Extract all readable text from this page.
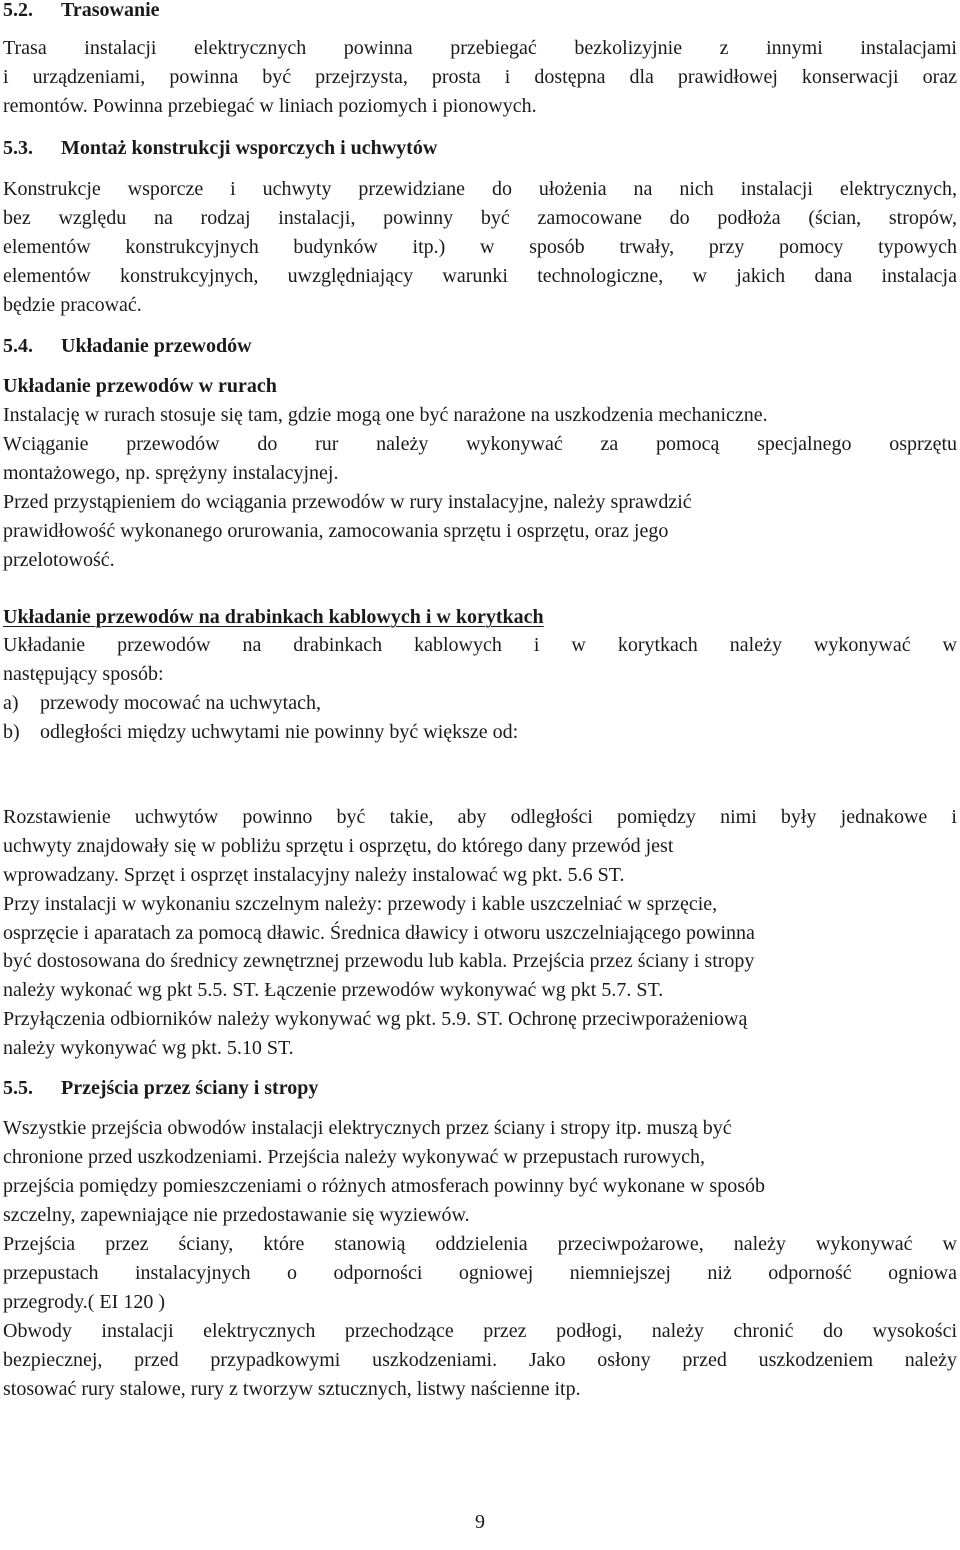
5.2. Trasowanie

Trasa instalacji elektrycznych powinna przebiegać bezkolizyjnie z innymi instalacjami

i urządzeniami, powinna być przejrzysta, prosta i dostępna dla prawidłowej konserwacji oraz

remontów. Powinna przebiegać w liniach poziomych i pionowych.

5.3. Montaż konstrukcji wsporczych i uchwytów

Konstrukcje wsporcze i uchwyty przewidziane do ułożenia na nich instalacji elektrycznych,

bez względu na rodzaj instalacji, powinny być zamocowane do podłoża (ścian, stropów,

elementów konstrukcyjnych budynków itp.) w sposób trwały, przy pomocy typowych

elementów konstrukcyjnych, uwzględniający warunki technologiczne, w jakich dana instalacja

będzie pracować.

5.4. Układanie przewodów

Układanie przewodów w rurach

Instalację w rurach stosuje się tam, gdzie mogą one być narażone na uszkodzenia mechaniczne.

Wciąganie przewodów do rur należy wykonywać za pomocą specjalnego osprzętu

montażowego, np. sprężyny instalacyjnej.

Przed przystąpieniem do wciągania przewodów w rury instalacyjne, należy sprawdzić

prawidłowość wykonanego orurowania, zamocowania sprzętu i osprzętu, oraz jego

przelotowość.

Układanie przewodów na drabinkach kablowych i w korytkach

Układanie przewodów na drabinkach kablowych i w korytkach należy wykonywać w

następujący sposób:

a) przewody mocować na uchwytach,

b) odległości między uchwytami nie powinny być większe od:

Rozstawienie uchwytów powinno być takie, aby odległości pomiędzy nimi były jednakowe i

uchwyty znajdowały się w pobliżu sprzętu i osprzętu, do którego dany przewód jest

wprowadzany. Sprzęt i osprzęt instalacyjny należy instalować wg pkt. 5.6 ST.

Przy instalacji w wykonaniu szczelnym należy: przewody i kable uszczelniać w sprzęcie,

osprzęcie i aparatach za pomocą dławic. Średnica dławicy i otworu uszczelniającego powinna

być dostosowana do średnicy zewnętrznej przewodu lub kabla. Przejścia przez ściany i stropy

należy wykonać wg pkt 5.5. ST. Łączenie przewodów wykonywać wg pkt 5.7. ST.

Przyłączenia odbiorników należy wykonywać wg pkt. 5.9. ST. Ochronę przeciwporażeniową

należy wykonywać wg pkt. 5.10 ST.

5.5. Przejścia przez ściany i stropy

Wszystkie przejścia obwodów instalacji elektrycznych przez ściany i stropy itp. muszą być

chronione przed uszkodzeniami. Przejścia należy wykonywać w przepustach rurowych,

przejścia pomiędzy pomieszczeniami o różnych atmosferach powinny być wykonane w sposób

szczelny, zapewniające nie przedostawanie się wyziewów.

Przejścia przez ściany, które stanowią oddzielenia przeciwpożarowe, należy wykonywać w

przepustach instalacyjnych o odporności ogniowej niemniejszej niż odporność ogniowa

przegrody.( EI 120 )

Obwody instalacji elektrycznych przechodzące przez podłogi, należy chronić do wysokości

bezpiecznej, przed przypadkowymi uszkodzeniami. Jako osłony przed uszkodzeniem należy

stosować rury stalowe, rury z tworzyw sztucznych, listwy naścienne itp.

9
